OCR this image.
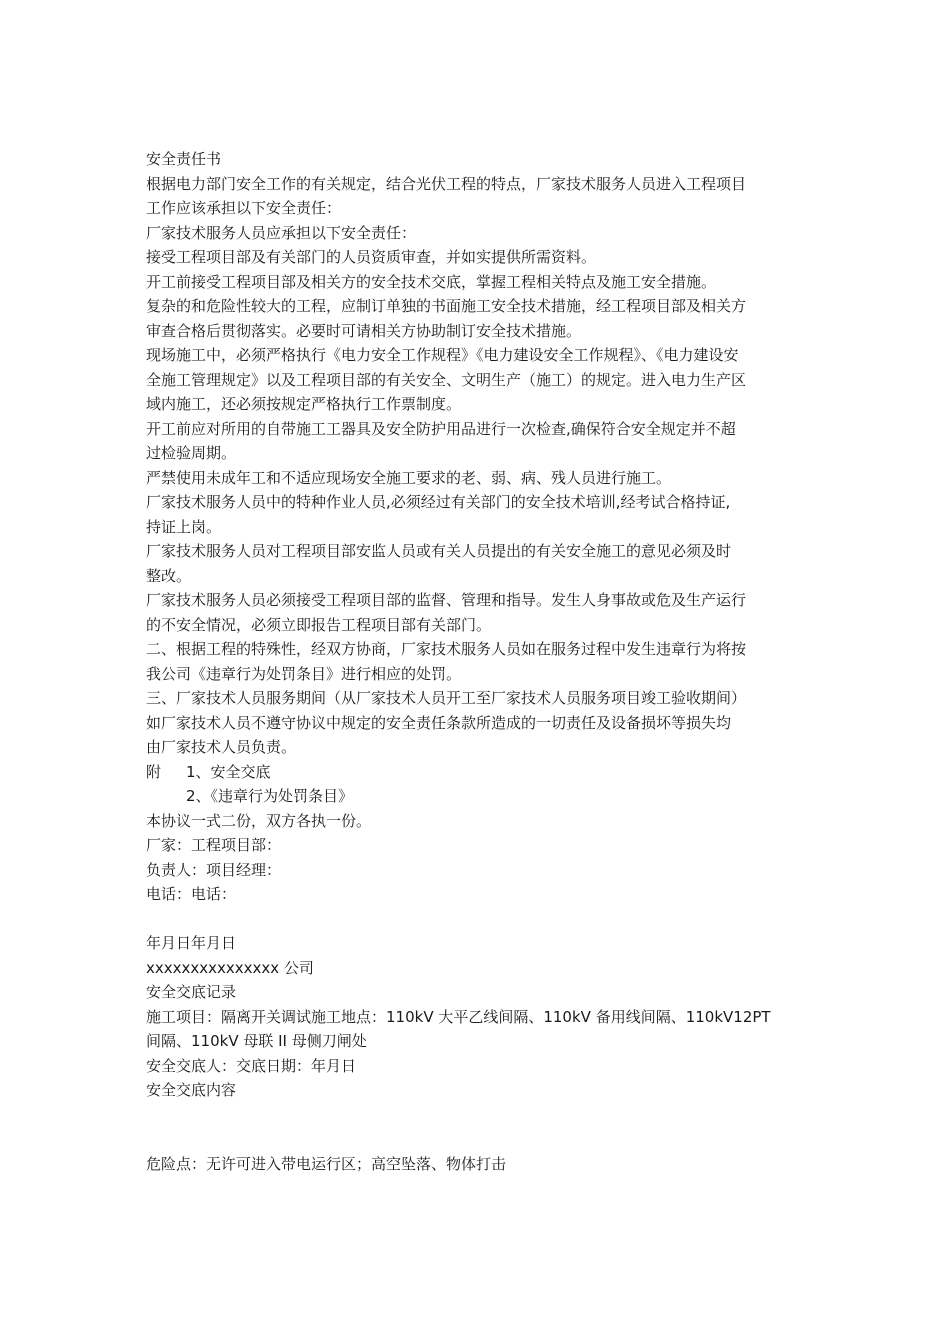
安全责任书
根据电力部门安全工作的有关规定，结合光伏工程的特点，厂家技术服务人员进入工程项目
工作应该承担以下安全责任：
厂家技术服务人员应承担以下安全责任：
接受工程项目部及有关部门的人员资质审查，并如实提供所需资料。
开工前接受工程项目部及相关方的安全技术交底，掌握工程相关特点及施工安全措施。
复杂的和危险性较大的工程，应制订单独的书面施工安全技术措施，经工程项目部及相关方
审查合格后贯彻落实。必要时可请相关方协助制订安全技术措施。
现场施工中，必须严格执行《电力安全工作规程》《电力建设安全工作规程》、《电力建设安
全施工管理规定》以及工程项目部的有关安全、文明生产（施工）的规定。进入电力生产区
域内施工，还必须按规定严格执行工作票制度。
开工前应对所用的自带施工工器具及安全防护用品进行一次检查,确保符合安全规定并不超
过检验周期。
严禁使用未成年工和不适应现场安全施工要求的老、弱、病、残人员进行施工。
厂家技术服务人员中的特种作业人员,必须经过有关部门的安全技术培训,经考试合格持证,
持证上岗。
厂家技术服务人员对工程项目部安监人员或有关人员提出的有关安全施工的意见必须及时
整改。
厂家技术服务人员必须接受工程项目部的监督、管理和指导。发生人身事故或危及生产运行
的不安全情况，必须立即报告工程项目部有关部门。
二、根据工程的特殊性，经双方协商，厂家技术服务人员如在服务过程中发生违章行为将按
我公司《违章行为处罚条目》进行相应的处罚。
三、厂家技术人员服务期间（从厂家技术人员开工至厂家技术人员服务项目竣工验收期间）
如厂家技术人员不遵守协议中规定的安全责任条款所造成的一切责任及设备损坏等损失均
由厂家技术人员负责。
附 1、安全交底
2、《违章行为处罚条目》
本协议一式二份，双方各执一份。
厂家：工程项目部：
负责人：项目经理：
电话：电话：
年月日年月日
xxxxxxxxxxxxxxx 公司
安全交底记录
施工项目：隔离开关调试施工地点：110kV 大平乙线间隔、110kV 备用线间隔、110kV12PT
间隔、110kV 母联 II 母侧刀闸处
安全交底人：交底日期：年月日
安全交底内容
危险点：无许可进入带电运行区；高空坠落、物体打击
